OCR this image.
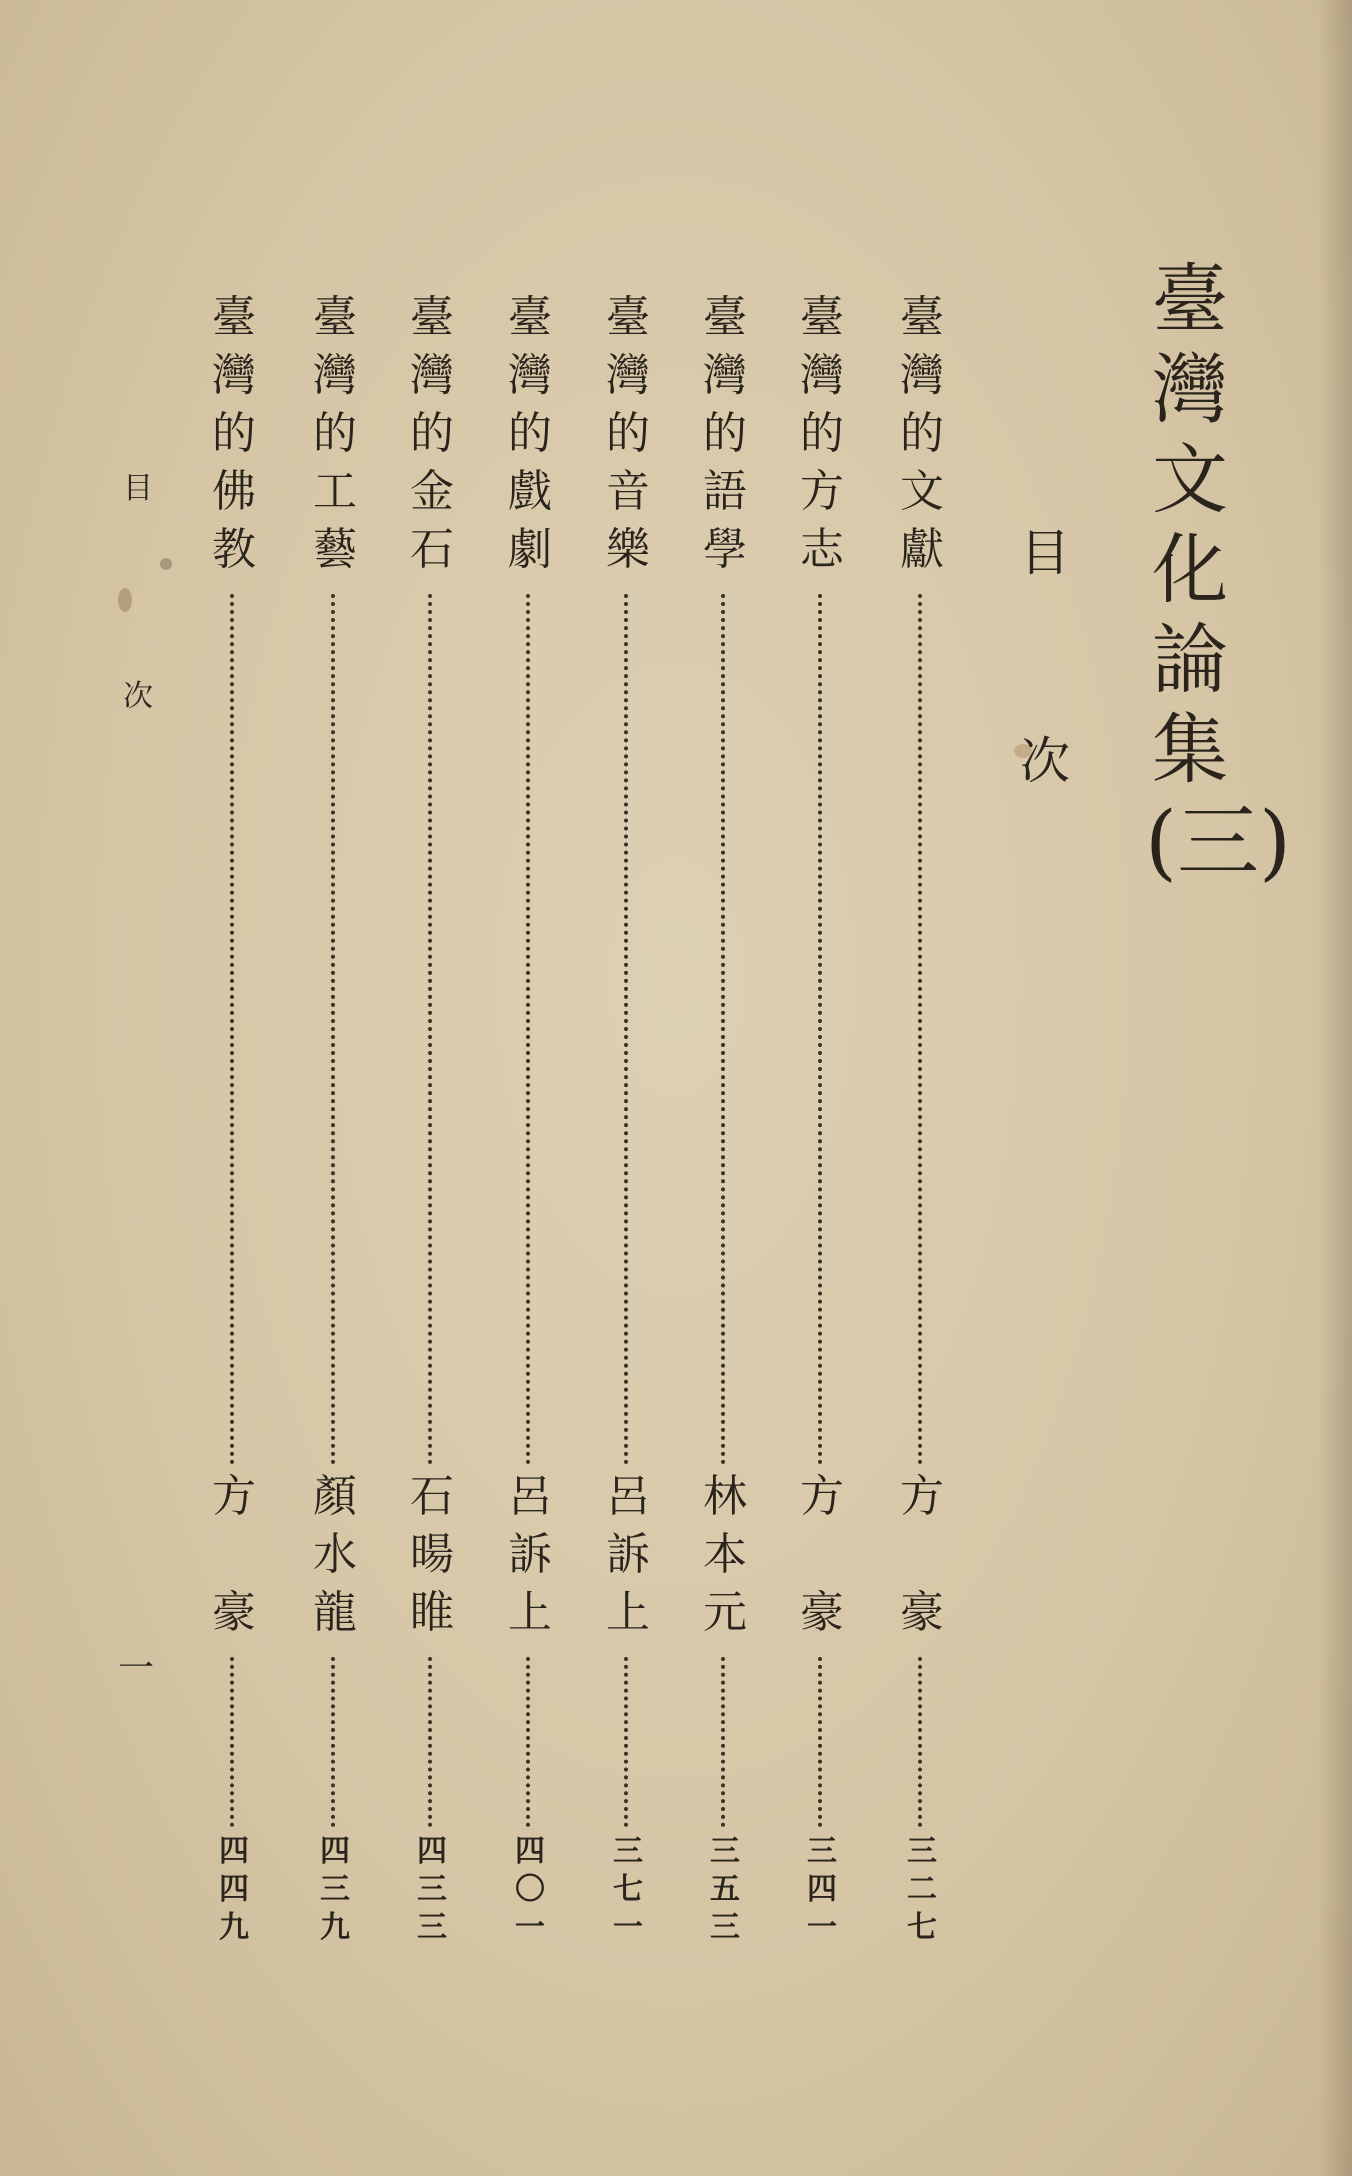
臺
灣
文
化
論
集
(三)
目
次
臺
灣
的
文
獻
方
豪
三
二
七
臺
灣
的
方
志
方
豪
三
四
一
臺
灣
的
語
學
林
本
元
三
五
三
臺
灣
的
音
樂
呂
訴
上
三
七
一
臺
灣
的
戲
劇
呂
訴
上
四
〇
一
臺
灣
的
金
石
石
暘
睢
四
三
三
臺
灣
的
工
藝
顏
水
龍
四
三
九
臺
灣
的
佛
教
方
豪
四
四
九
目
次
一
